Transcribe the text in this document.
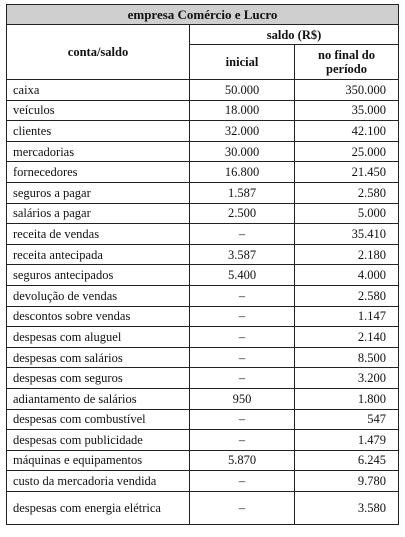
empresa Comércio e Lucro		
conta/saldo	saldo (R$)	
	inicial	no final do período
caixa	50.000	350.000
veículos	18.000	35.000
clientes	32.000	42.100
mercadorias	30.000	25.000
fornecedores	16.800	21.450
seguros a pagar	1.587	2.580
salários a pagar	2.500	5.000
receita de vendas	–	35.410
receita antecipada	3.587	2.180
seguros antecipados	5.400	4.000
devolução de vendas	–	2.580
descontos sobre vendas	–	1.147
despesas com aluguel	–	2.140
despesas com salários	–	8.500
despesas com seguros	–	3.200
adiantamento de salários	950	1.800
despesas com combustível	–	547
despesas com publicidade	–	1.479
máquinas e equipamentos	5.870	6.245
custo da mercadoria vendida	–	9.780
despesas com energia elétrica	–	3.580
